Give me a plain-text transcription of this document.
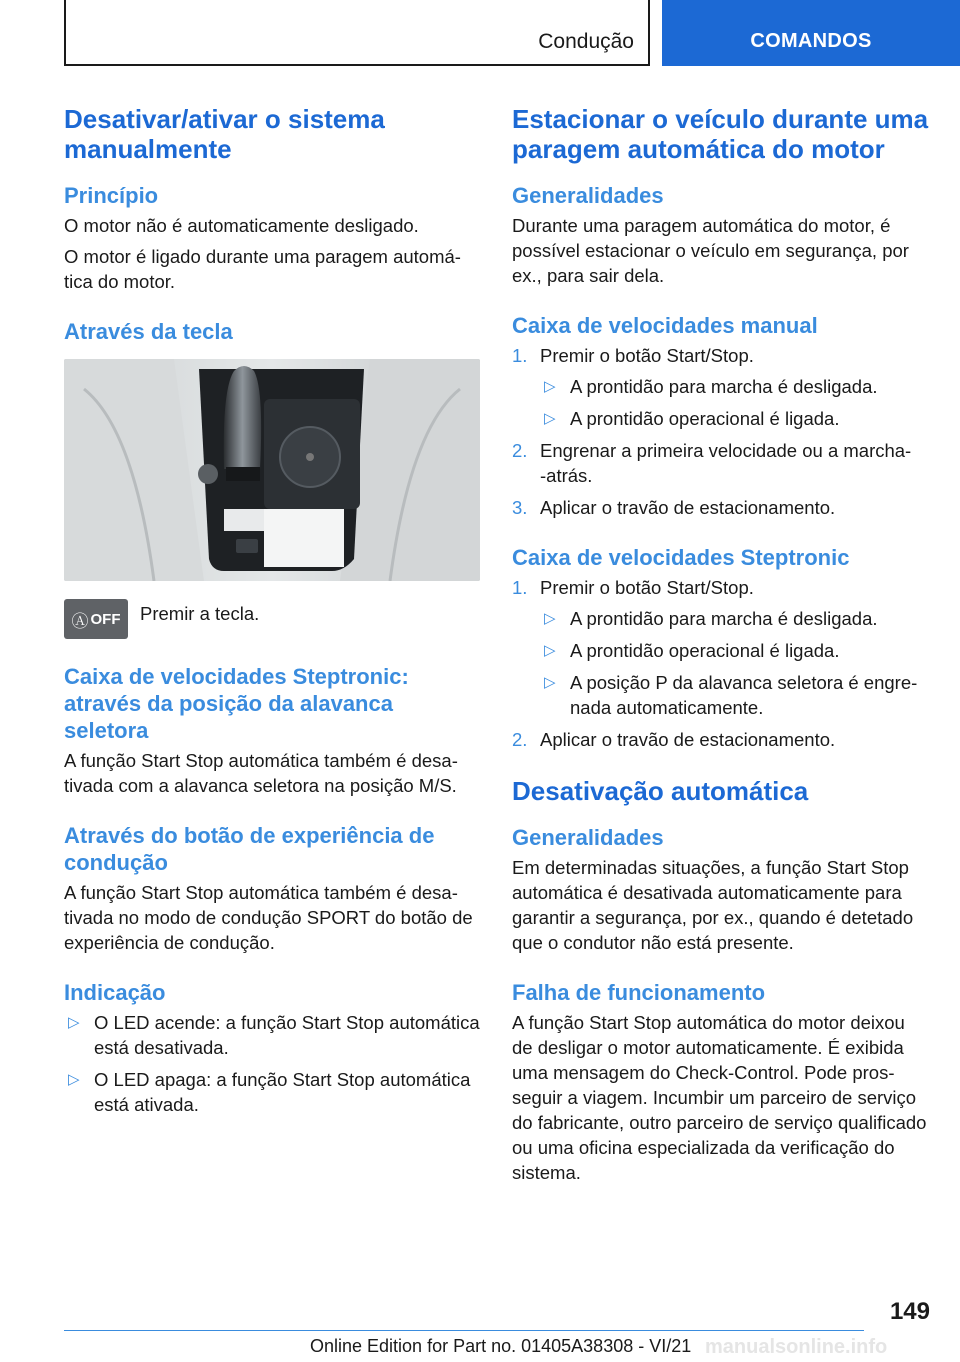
Condução	COMANDOS
Desativar/ativar o sistema manualmente
Princípio

O motor não é automaticamente desligado.

O motor é ligado durante uma paragem automática do motor.

Através da tecla
Ⓐ OFF Premir a tecla.

Caixa de velocidades Steptronic: através da posição da alavanca seletora

A função Start Stop automática também é desativada com a alavanca seletora na posição M/S.

Através do botão de experiência de condução

A função Start Stop automática também é desativada no modo de condução SPORT do botão de experiência de condução.

Indicação
▷ O LED acende: a função Start Stop automática está desativada.
▷ O LED apaga: a função Start Stop automática está ativada.
Estacionar o veículo durante uma paragem automática do motor
Generalidades

Durante uma paragem automática do motor, é possível estacionar o veículo em segurança, por ex., para sair dela.

Caixa de velocidades manual
1. Premir o botão Start/Stop.
▷ A prontidão para marcha é desligada.
▷ A prontidão operacional é ligada.
2. Engrenar a primeira velocidade ou a marcha-‑atrás.
3. Aplicar o travão de estacionamento.
Caixa de velocidades Steptronic
1. Premir o botão Start/Stop.
▷ A prontidão para marcha é desligada.
▷ A prontidão operacional é ligada.
▷ A posição P da alavanca seletora é engrenada automaticamente.
2. Aplicar o travão de estacionamento.
Desativação automática
Generalidades

Em determinadas situações, a função Start Stop automática é desativada automaticamente para garantir a segurança, por ex., quando é detetado que o condutor não está presente.

Falha de funcionamento

A função Start Stop automática do motor deixou de desligar o motor automaticamente. É exibida uma mensagem do Check-Control. Pode prosseguir a viagem. Incumbir um parceiro de serviço do fabricante, outro parceiro de serviço qualificado ou uma oficina especializada da verificação do sistema.

149
Online Edition for Part no. 01405A38308 - VI/21 manualsonline.info
